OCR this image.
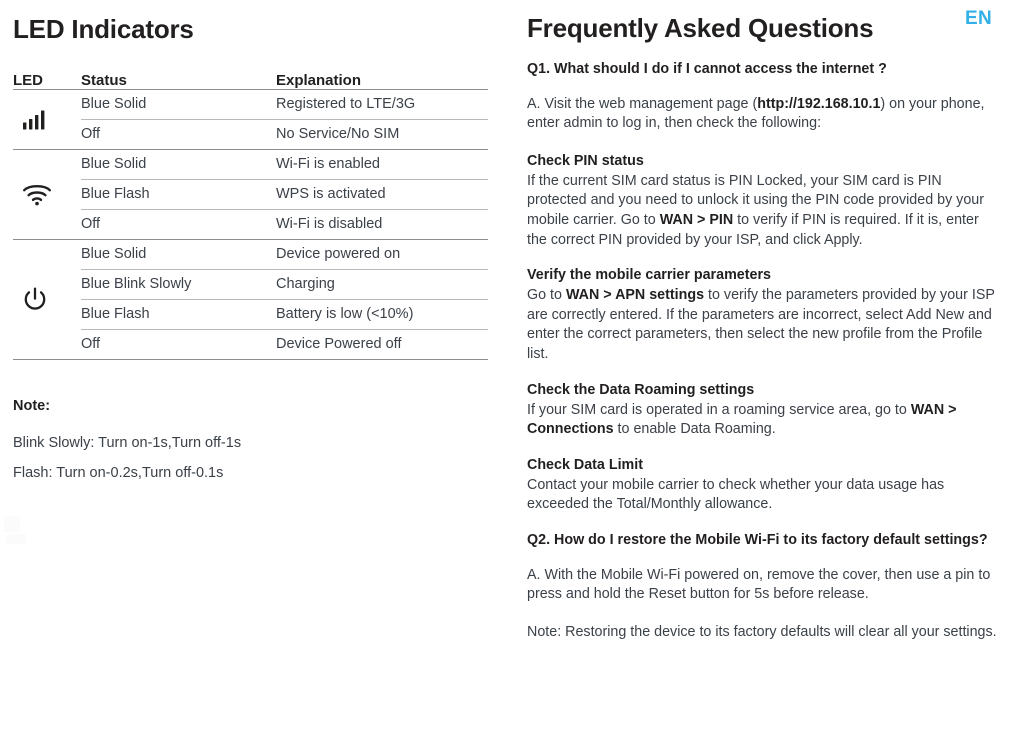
LED Indicators
LED	Status	Explanation
Blue Solid	Registered to LTE/3G
Off	No Service/No SIM
Blue Solid	Wi-Fi is enabled
Blue Flash	WPS is activated
Off	Wi-Fi is disabled
Blue Solid	Device powered on
Blue Blink Slowly	Charging
Blue Flash	Battery is low (<10%)
Off	Device Powered off
Note:
Blink Slowly: Turn on-1s,Turn off-1s
Flash: Turn on-0.2s,Turn off-0.1s
Frequently Asked Questions	EN

Q1. What should I do if I cannot access the internet ?

A. Visit the web management page (http://192.168.10.1) on your phone, enter admin to log in, then check the following:

Check PIN status

If the current SIM card status is PIN Locked, your SIM card is PIN protected and you need to unlock it using the PIN code provided by your mobile carrier. Go to WAN > PIN to verify if PIN is required. If it is, enter the correct PIN provided by your ISP, and click Apply.

Verify the mobile carrier parameters

Go to WAN > APN settings to verify the parameters provided by your ISP are correctly entered. If the parameters are incorrect, select Add New and enter the correct parameters, then select the new profile from the Profile list.

Check the Data Roaming settings

If your SIM card is operated in a roaming service area, go to WAN > Connections to enable Data Roaming.

Check Data Limit

Contact your mobile carrier to check whether your data usage has exceeded the Total/Monthly allowance.

Q2. How do I restore the Mobile Wi-Fi to its factory default settings?

A. With the Mobile Wi-Fi powered on, remove the cover, then use a pin to press and hold the Reset button for 5s before release.

Note: Restoring the device to its factory defaults will clear all your settings.
